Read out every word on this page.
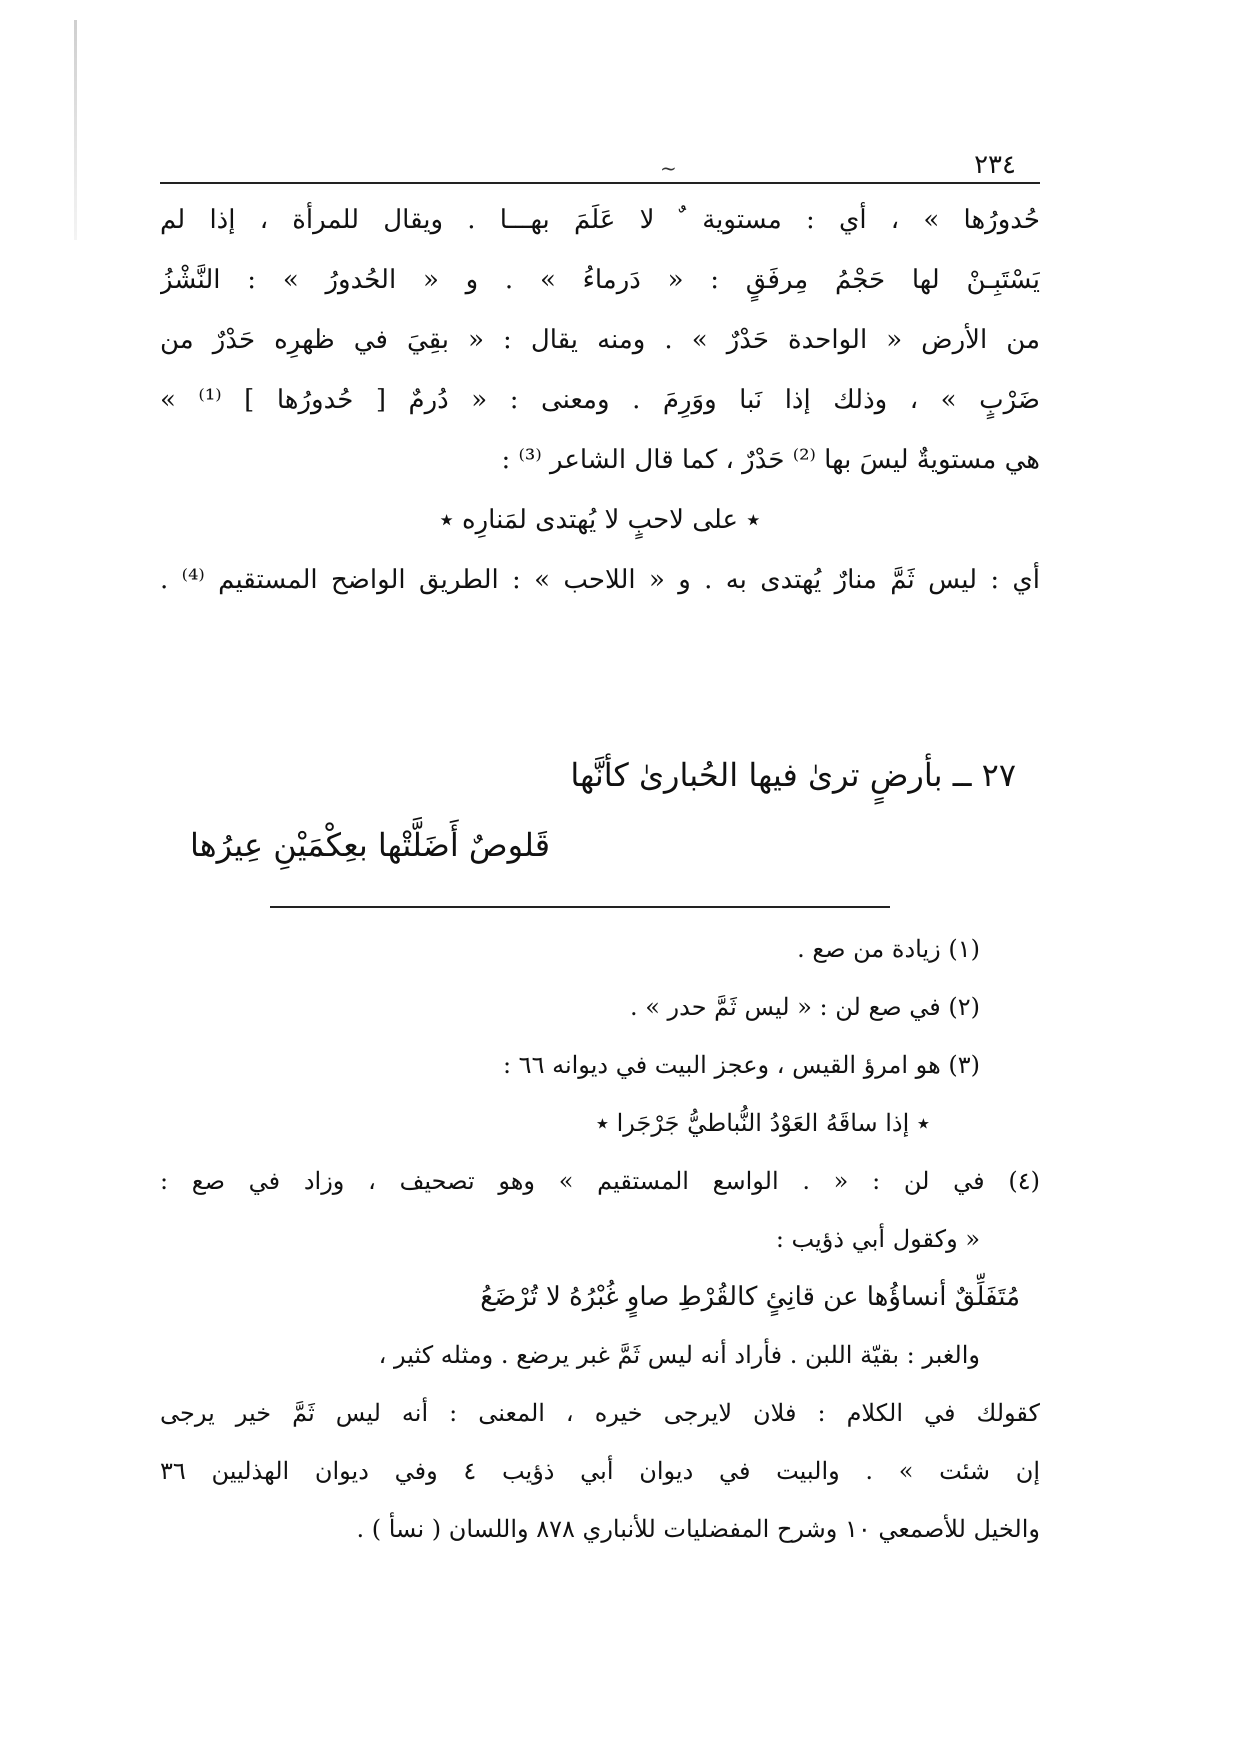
٢٣٤
~
حُدورُها » ، أي : مستوية ٌ لا عَلَمَ بهـــا . ويقال للمرأة ، إذا لم
يَسْتَبِـنْ لها حَجْمُ مِرفَقٍ : « دَرماءُ » . و « الحُدورُ » : النَّشْزُ
من الأرض « الواحدة حَدْرٌ » . ومنه يقال : « بقِيَ في ظهرِه حَدْرٌ من
ضَرْبٍ » ، وذلك إذا نَبا ووَرِمَ . ومعنى : « دُرمٌ [ حُدورُها ] ⁽¹⁾ »
هي مستويةٌ ليسَ بها ⁽²⁾ حَدْرٌ ، كما قال الشاعر ⁽³⁾ :
٭ على لاحبٍ لا يُهتدى لمَنارِه ٭
أي : ليس ثَمَّ منارٌ يُهتدى به . و « اللاحب » : الطريق الواضح المستقيم ⁽⁴⁾ .
٢٧ ــ بأرضٍ ترىٰ فيها الحُبارىٰ كأنَّها
قَلوصٌ أَضَلَّتْها بعِكْمَيْنِ عِيرُها
(١) زيادة من صع .
(٢) في صع لن : « ليس ثَمَّ حدر » .
(٣) هو امرؤ القيس ، وعجز البيت في ديوانه ٦٦ :
٭ إذا ساقَهُ العَوْدُ النُّباطيُّ جَرْجَرا ٭
(٤) في لن : « . الواسع المستقيم » وهو تصحيف ، وزاد في صع :
« وكقول أبي ذؤيب :
مُتَفَلِّقٌ أنساؤُها عن قانِئٍ كالقُرْطِ صاوٍ غُبْرُهُ لا تُرْضَعُ
والغبر : بقيّة اللبن . فأراد أنه ليس ثَمَّ غبر يرضع . ومثله كثير ،
كقولك في الكلام : فلان لايرجى خيره ، المعنى : أنه ليس ثَمَّ خير يرجى
إن شئت » . والبيت في ديوان أبي ذؤيب ٤ وفي ديوان الهذليين ٣٦
والخيل للأصمعي ١٠ وشرح المفضليات للأنباري ٨٧٨ واللسان ( نسأ ) .
